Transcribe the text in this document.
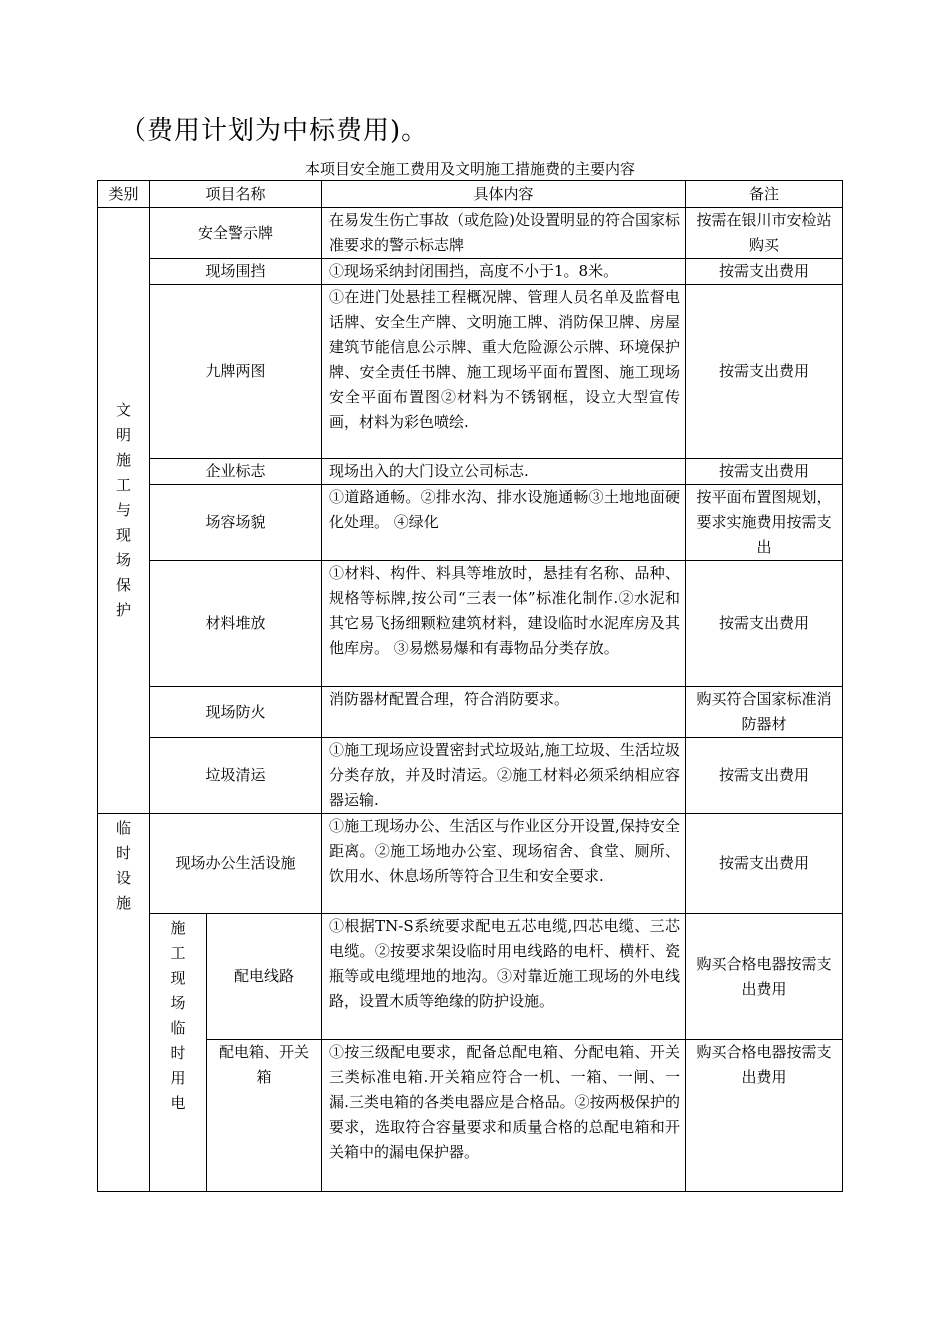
（费用计划为中标费用)。
本项目安全施工费用及文明施工措施费的主要内容
类别	项目名称		具体内容	备注

文明施工与现场保护	安全警示牌		在易发生伤亡事故（或危险)处设置明显的符合国家标准要求的警示标志牌	按需在银川市安检站购买
	现场围挡		①现场采纳封闭围挡，高度不小于1。8米。	按需支出费用
	九牌两图		①在进门处悬挂工程概况牌、管理人员名单及监督电话牌、安全生产牌、文明施工牌、消防保卫牌、房屋建筑节能信息公示牌、重大危险源公示牌、环境保护牌、安全责任书牌、施工现场平面布置图、施工现场安全平面布置图②材料为不锈钢框，设立大型宣传画，材料为彩色喷绘.	按需支出费用
	企业标志		现场出入的大门设立公司标志.	按需支出费用
	场容场貌		①道路通畅。②排水沟、排水设施通畅③土地地面硬化处理。 ④绿化	按平面布置图规划，要求实施费用按需支出
	材料堆放		①材料、构件、料具等堆放时，悬挂有名称、品种、规格等标牌,按公司“三表一体”标准化制作.②水泥和其它易飞扬细颗粒建筑材料，建设临时水泥库房及其他库房。 ③易燃易爆和有毒物品分类存放。	按需支出费用
	现场防火		消防器材配置合理，符合消防要求。	购买符合国家标准消防器材
	垃圾清运		①施工现场应设置密封式垃圾站,施工垃圾、生活垃圾分类存放，并及时清运。②施工材料必须采纳相应容器运输.	按需支出费用

临时设施	现场办公生活设施		①施工现场办公、生活区与作业区分开设置,保持安全距离。②施工场地办公室、现场宿舍、食堂、厕所、饮用水、休息场所等符合卫生和安全要求.	按需支出费用

	施工现场临时用电	配电线路	①根据TN-S系统要求配电五芯电缆,四芯电缆、三芯电缆。②按要求架设临时用电线路的电杆、横杆、瓷瓶等或电缆埋地的地沟。③对靠近施工现场的外电线路，设置木质等绝缘的防护设施。	购买合格电器按需支出费用
		配电箱、开关箱	①按三级配电要求，配备总配电箱、分配电箱、开关三类标准电箱.开关箱应符合一机、一箱、一闸、一漏.三类电箱的各类电器应是合格品。②按两极保护的要求，选取符合容量要求和质量合格的总配电箱和开关箱中的漏电保护器。	购买合格电器按需支出费用
